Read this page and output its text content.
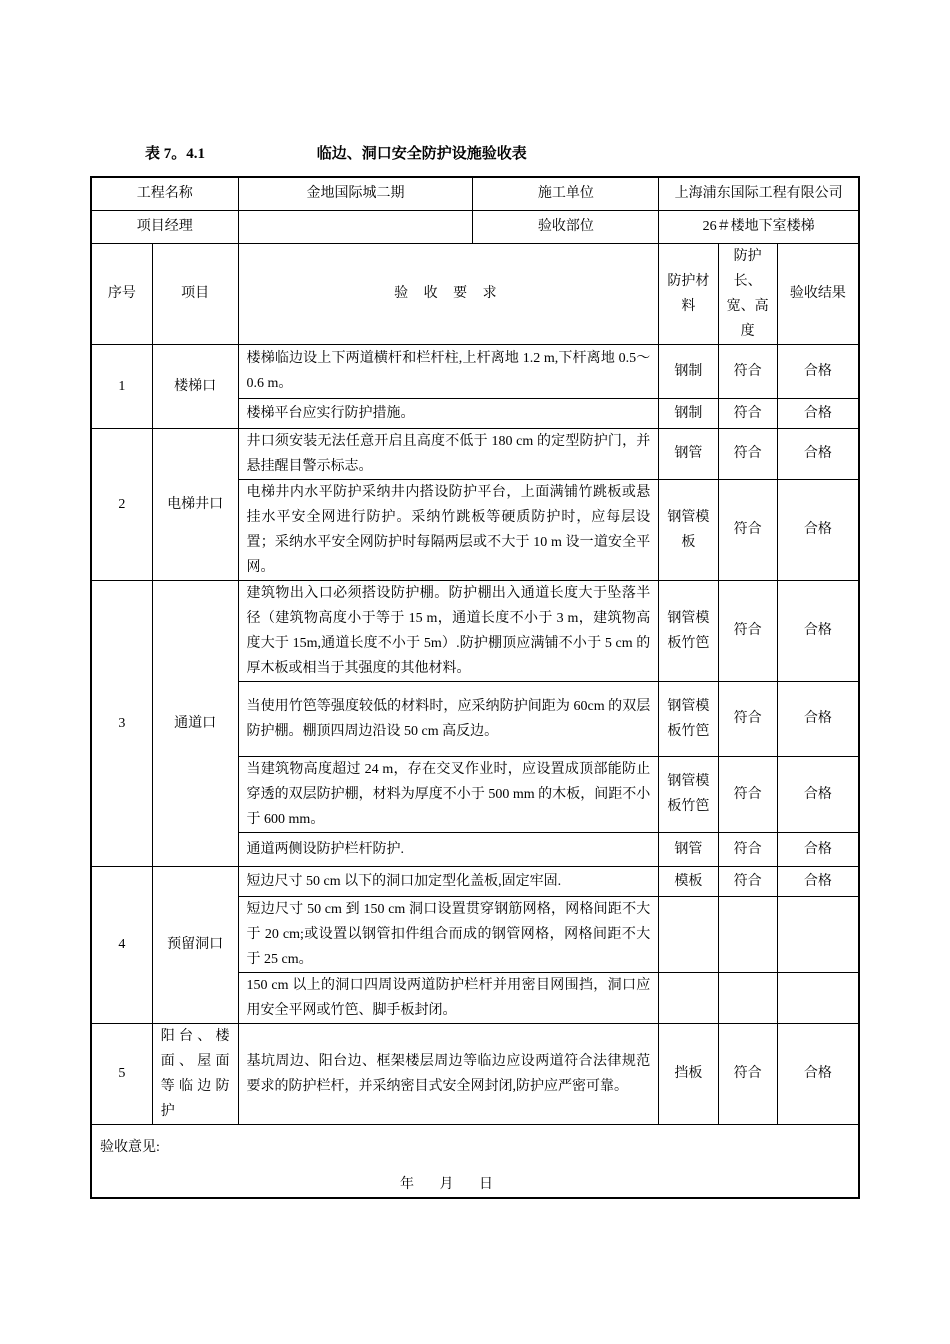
表 7。4.1	临边、洞口安全防护设施验收表
工程名称		金地国际城二期	施工单位	上海浦东国际工程有限公司		
项目经理			验收部位	26＃楼地下室楼梯		
序号	项目	验 收 要 求		防护材料	防护长、宽、高度	验收结果
1	楼梯口	楼梯临边设上下两道横杆和栏杆柱,上杆离地 1.2 m,下杆离地 0.5～0.6 m。		钢制	符合	合格
		楼梯平台应实行防护措施。		钢制	符合	合格
2	电梯井口	井口须安装无法任意开启且高度不低于 180 cm 的定型防护门，并悬挂醒目警示标志。		钢管	符合	合格
		电梯井内水平防护采纳井内搭设防护平台，上面满铺竹跳板或悬挂水平安全网进行防护。采纳竹跳板等硬质防护时，应每层设置；采纳水平安全网防护时每隔两层或不大于 10 m 设一道安全平网。		钢管模板	符合	合格
3	通道口	建筑物出入口必须搭设防护棚。防护棚出入通道长度大于坠落半径（建筑物高度小于等于 15 m，通道长度不小于 3 m，建筑物高度大于 15m,通道长度不小于 5m）.防护棚顶应满铺不小于 5 cm 的厚木板或相当于其强度的其他材料。		钢管模板竹笆	符合	合格
		当使用竹笆等强度较低的材料时，应采纳防护间距为 60cm 的双层防护棚。棚顶四周边沿设 50 cm 高反边。		钢管模板竹笆	符合	合格
		当建筑物高度超过 24 m，存在交叉作业时，应设置成顶部能防止穿透的双层防护棚，材料为厚度不小于 500 mm 的木板，间距不小于 600 mm。		钢管模板竹笆	符合	合格
		通道两侧设防护栏杆防护.		钢管	符合	合格
4	预留洞口	短边尺寸 50 cm 以下的洞口加定型化盖板,固定牢固.		模板	符合	合格
		短边尺寸 50 cm 到 150 cm 洞口设置贯穿钢筋网格，网格间距不大于 20 cm;或设置以钢管扣件组合而成的钢管网格，网格间距不大于 25 cm。				
		150 cm 以上的洞口四周设两道防护栏杆并用密目网围挡，洞口应用安全平网或竹笆、脚手板封闭。				
5	阳台、楼面、屋面等临边防护	基坑周边、阳台边、框架楼层周边等临边应设两道符合法律规范要求的防护栏杆，并采纳密目式安全网封闭,防护应严密可靠。		挡板	符合	合格

验收意见:
年 月 日						
